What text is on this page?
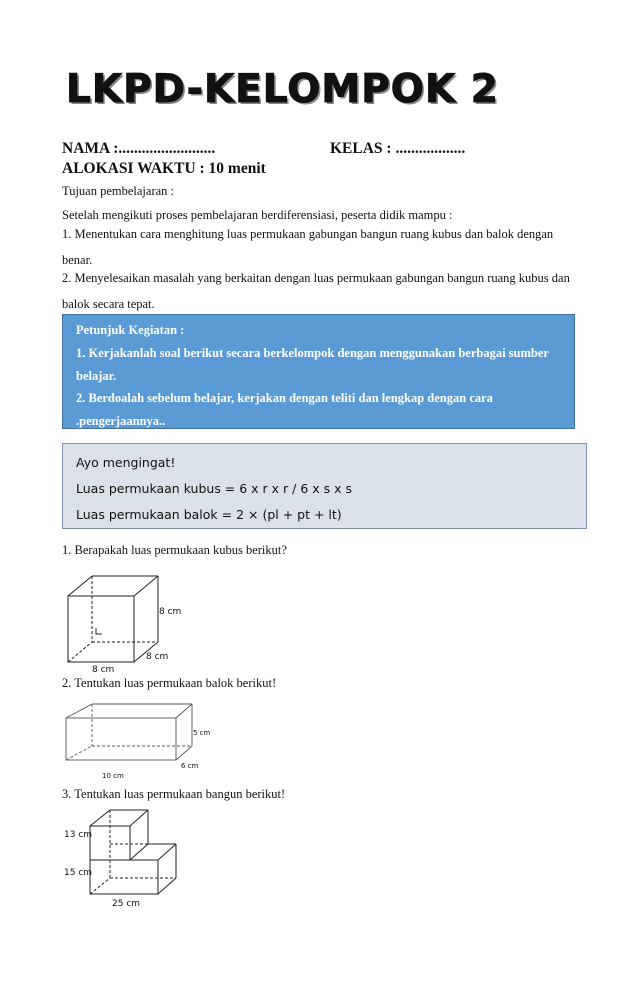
LKPD-KELOMPOK 2
NAMA :.........................	KELAS : ..................
ALOKASI WAKTU : 10 menit
Tujuan pembelajaran :
Setelah mengikuti proses pembelajaran berdiferensiasi, peserta didik mampu :
1. Menentukan cara menghitung luas permukaan gabungan bangun ruang kubus dan balok dengan benar.
2. Menyelesaikan masalah yang berkaitan dengan luas permukaan gabungan bangun ruang kubus dan balok secara tepat.
Petunjuk Kegiatan :
1. Kerjakanlah soal berikut secara berkelompok dengan menggunakan berbagai sumber belajar.
2. Berdoalah sebelum belajar, kerjakan dengan teliti dan lengkap dengan cara .pengerjaannya..
Ayo mengingat!
Luas permukaan kubus = 6 x r x r / 6 x s x s
Luas permukaan balok = 2 × (pl + pt + lt)
1. Berapakah luas permukaan kubus berikut?
8 cm
8 cm
8 cm
2. Tentukan luas permukaan balok berikut!
5 cm
6 cm
10 cm
3. Tentukan luas permukaan bangun berikut!
13 cm
15 cm
25 cm
